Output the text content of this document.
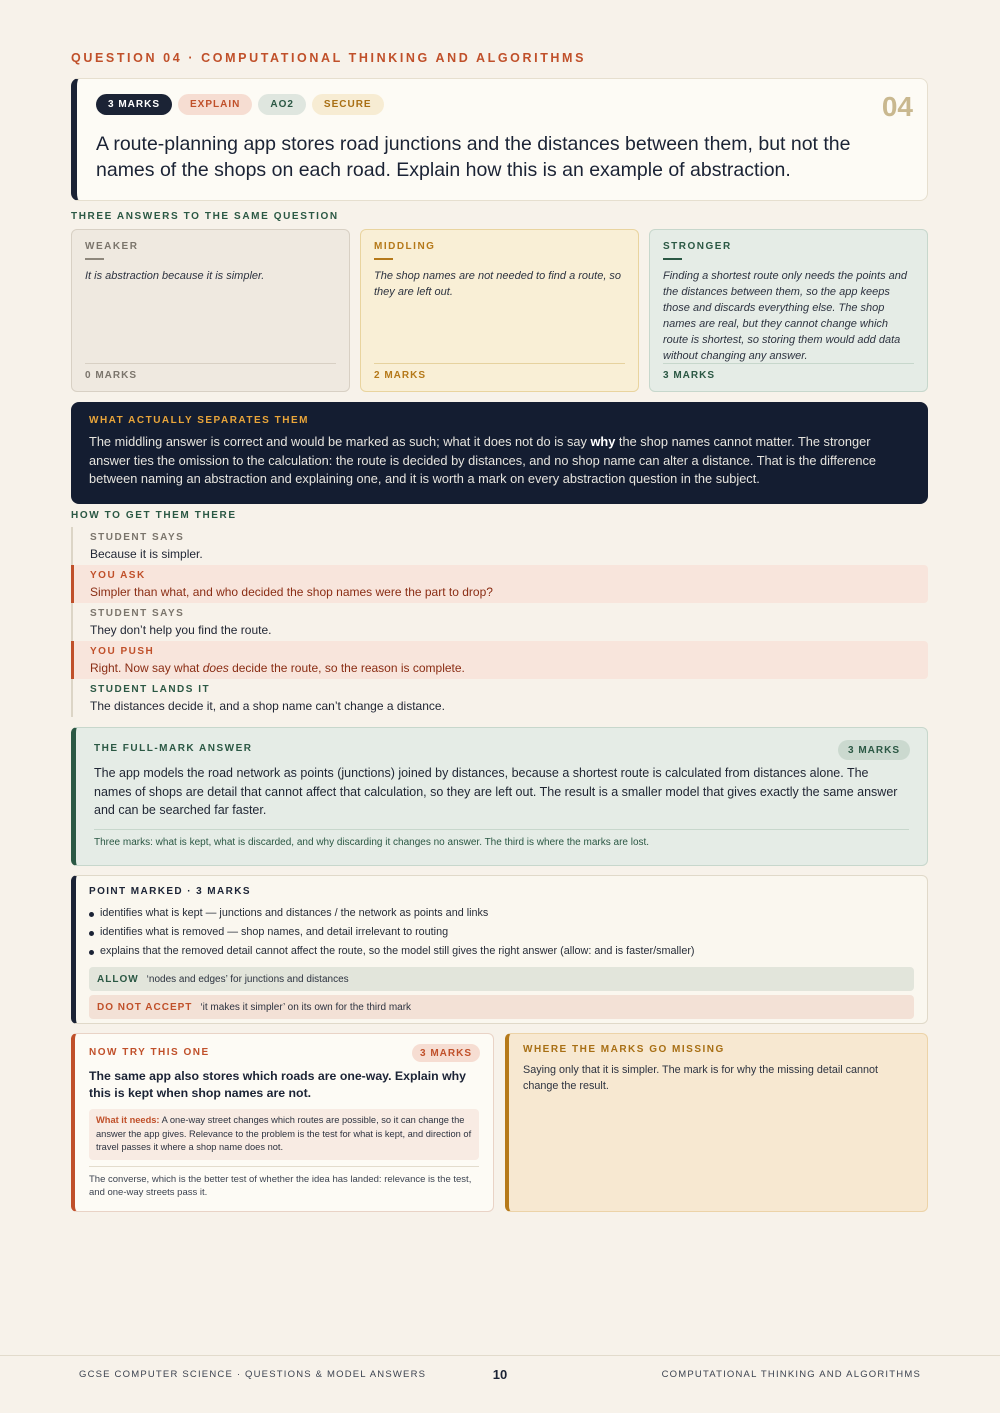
QUESTION 04 · COMPUTATIONAL THINKING AND ALGORITHMS
3 MARKS	EXPLAIN	AO2	SECURE	04
A route-planning app stores road junctions and the distances between them, but not the names of the shops on each road. Explain how this is an example of abstraction.
THREE ANSWERS TO THE SAME QUESTION
WEAKER
It is abstraction because it is simpler.
0 MARKS
MIDDLING
The shop names are not needed to find a route, so they are left out.
2 MARKS
STRONGER
Finding a shortest route only needs the points and the distances between them, so the app keeps those and discards everything else. The shop names are real, but they cannot change which route is shortest, so storing them would add data without changing any answer.
3 MARKS
WHAT ACTUALLY SEPARATES THEM
The middling answer is correct and would be marked as such; what it does not do is say why the shop names cannot matter. The stronger answer ties the omission to the calculation: the route is decided by distances, and no shop name can alter a distance. That is the difference between naming an abstraction and explaining one, and it is worth a mark on every abstraction question in the subject.
HOW TO GET THEM THERE
STUDENT SAYS
Because it is simpler.
YOU ASK
Simpler than what, and who decided the shop names were the part to drop?
STUDENT SAYS
They don’t help you find the route.
YOU PUSH
Right. Now say what does decide the route, so the reason is complete.
STUDENT LANDS IT
The distances decide it, and a shop name can’t change a distance.
THE FULL-MARK ANSWER	3 MARKS
The app models the road network as points (junctions) joined by distances, because a shortest route is calculated from distances alone. The names of shops are detail that cannot affect that calculation, so they are left out. The result is a smaller model that gives exactly the same answer and can be searched far faster.
Three marks: what is kept, what is discarded, and why discarding it changes no answer. The third is where the marks are lost.
POINT MARKED · 3 MARKS
identifies what is kept — junctions and distances / the network as points and links
identifies what is removed — shop names, and detail irrelevant to routing
explains that the removed detail cannot affect the route, so the model still gives the right answer (allow: and is faster/smaller)
ALLOW ‘nodes and edges’ for junctions and distances
DO NOT ACCEPT ‘it makes it simpler’ on its own for the third mark
NOW TRY THIS ONE	3 MARKS
The same app also stores which roads are one-way. Explain why this is kept when shop names are not.
What it needs: A one-way street changes which routes are possible, so it can change the answer the app gives. Relevance to the problem is the test for what is kept, and direction of travel passes it where a shop name does not.
The converse, which is the better test of whether the idea has landed: relevance is the test, and one-way streets pass it.
WHERE THE MARKS GO MISSING
Saying only that it is simpler. The mark is for why the missing detail cannot change the result.
GCSE COMPUTER SCIENCE · QUESTIONS & MODEL ANSWERS	10	COMPUTATIONAL THINKING AND ALGORITHMS
